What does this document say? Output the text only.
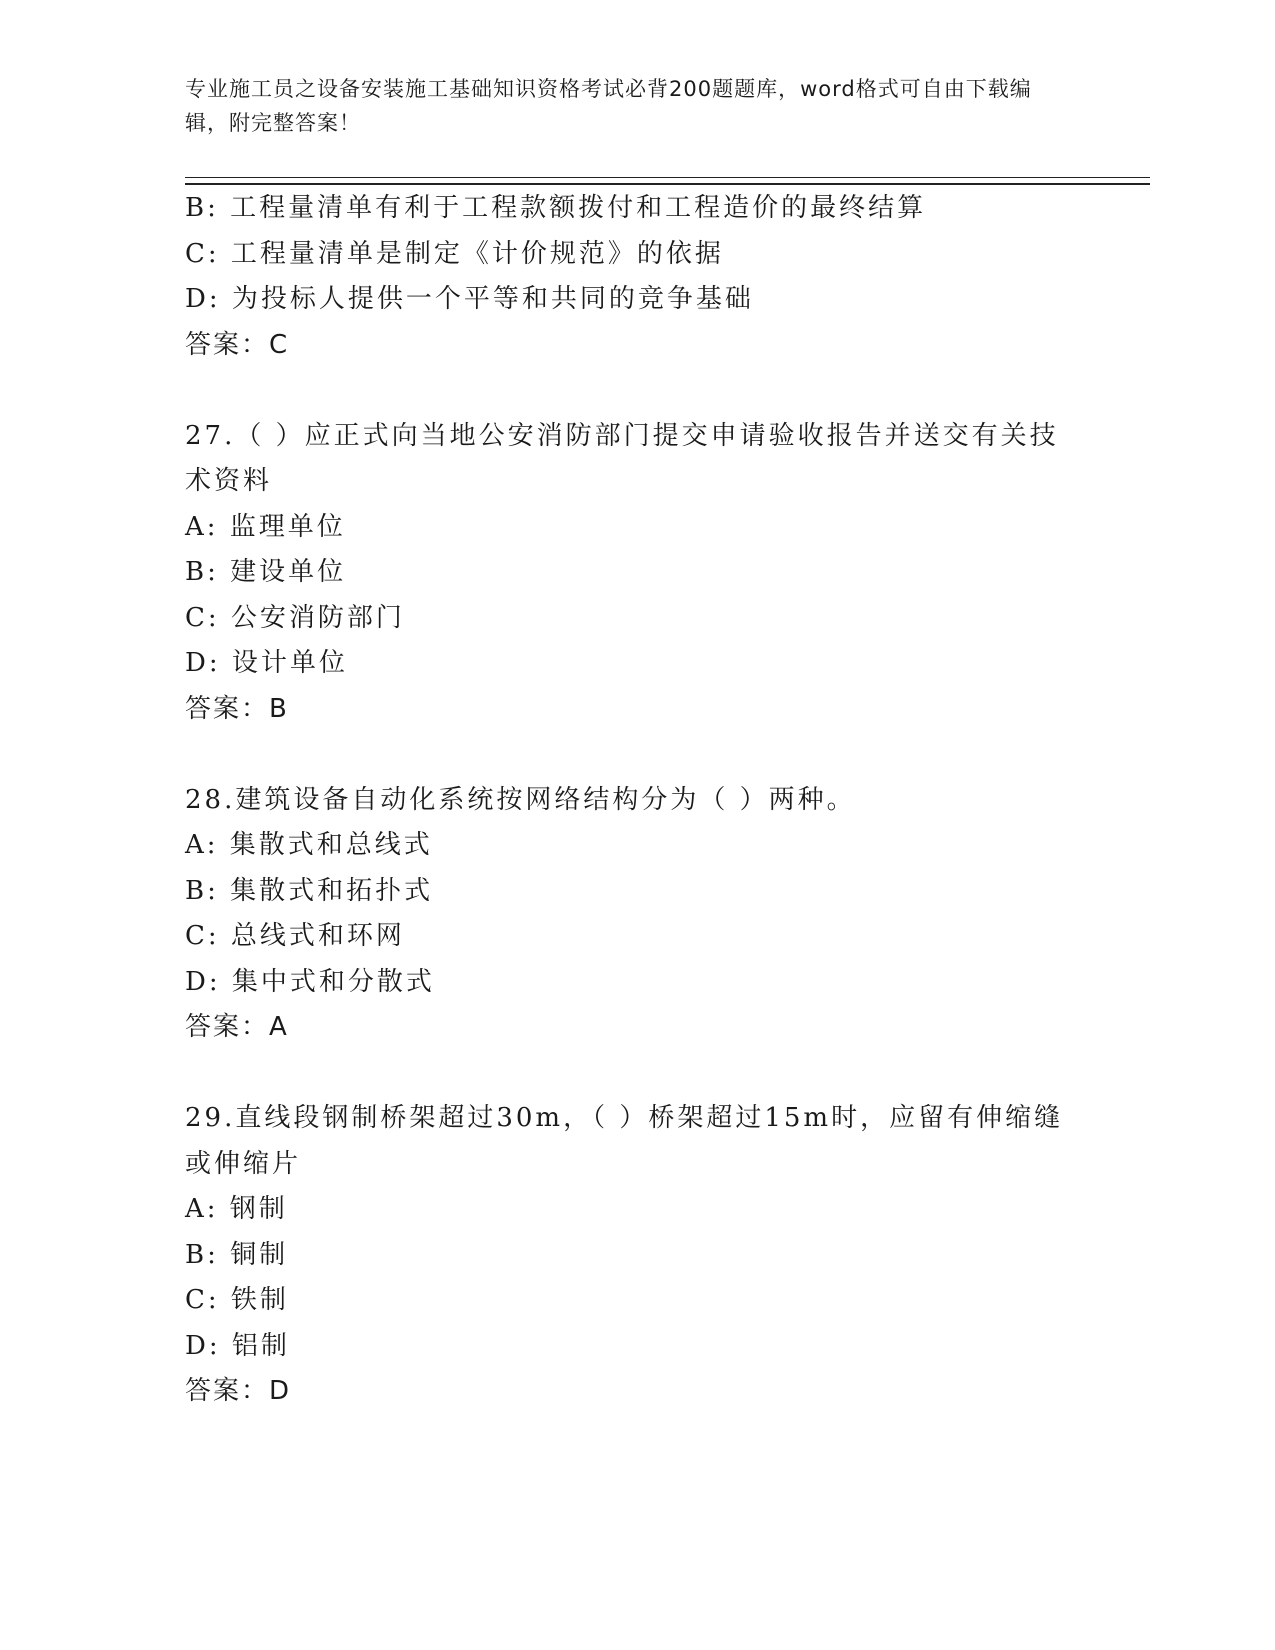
专业施工员之设备安装施工基础知识资格考试必背200题题库，word格式可自由下载编辑，附完整答案！
B: 工程量清单有利于工程款额拨付和工程造价的最终结算
C: 工程量清单是制定《计价规范》的依据
D: 为投标人提供一个平等和共同的竞争基础
答案：C
27.（ ）应正式向当地公安消防部门提交申请验收报告并送交有关技术资料
A: 监理单位
B: 建设单位
C: 公安消防部门
D: 设计单位
答案：B
28.建筑设备自动化系统按网络结构分为（ ）两种。
A: 集散式和总线式
B: 集散式和拓扑式
C: 总线式和环网
D: 集中式和分散式
答案：A
29.直线段钢制桥架超过30m，（ ）桥架超过15m时，应留有伸缩缝或伸缩片
A: 钢制
B: 铜制
C: 铁制
D: 铝制
答案：D
